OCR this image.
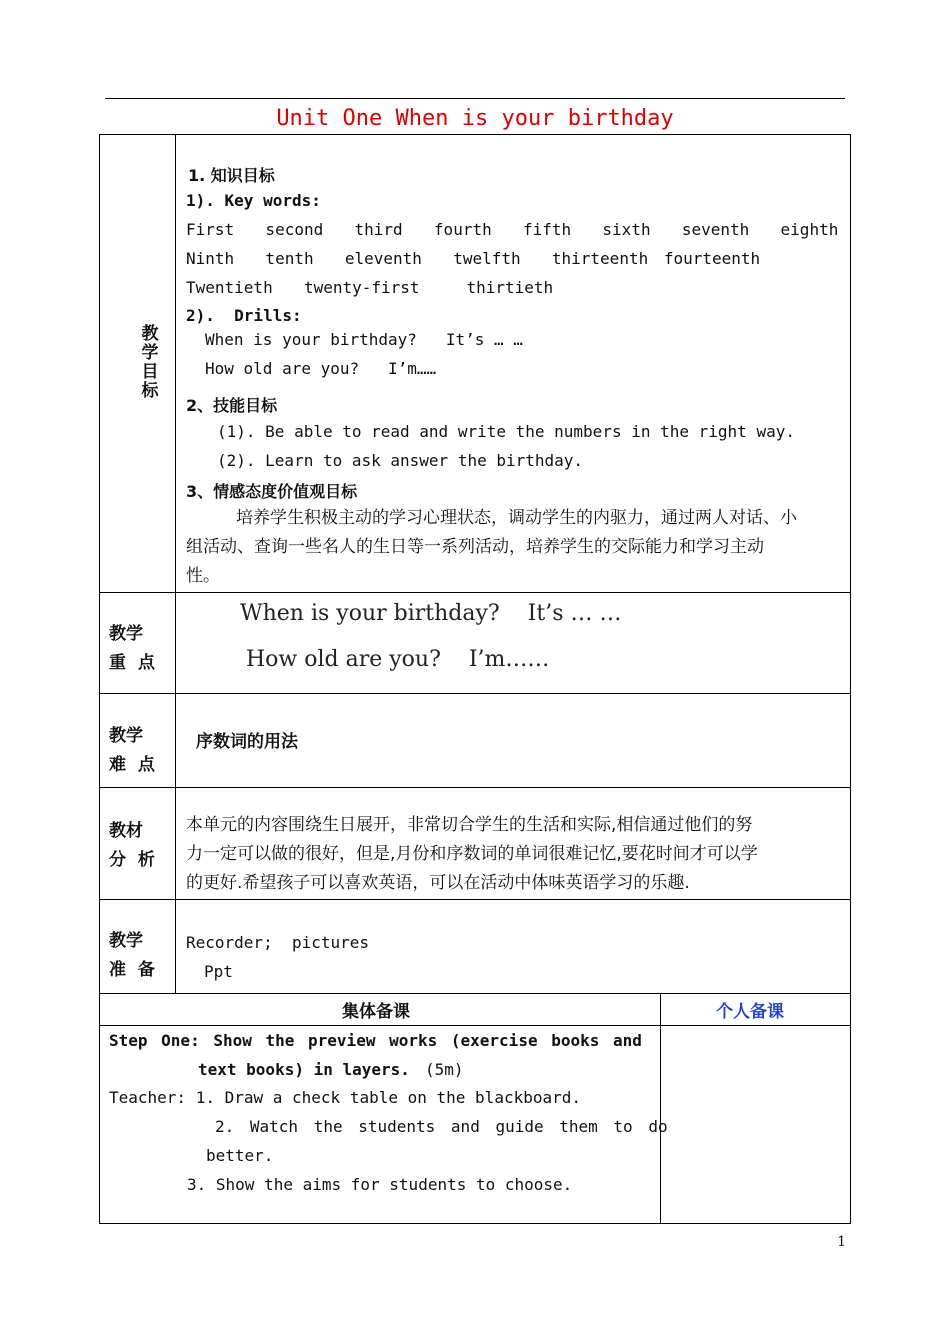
Unit One When is your birthday
教
学
目
标
1. 知识目标
1). Key words:
First  second  third  fourth  fifth  sixth  seventh  eighth
Ninth  tenth  eleventh  twelfth  thirteenth fourteenth
Twentieth  twenty-first   thirtieth
2).  Drills:
When is your birthday?   It’s … …
How old are you?   I’m……
2、技能目标
(1). Be able to read and write the numbers in the right way.
(2). Learn to ask answer the birthday.
3、情感态度价值观目标
培养学生积极主动的学习心理状态，调动学生的内驱力，通过两人对话、小
组活动、查询一些名人的生日等一系列活动，培养学生的交际能力和学习主动
性。
教学
重  点
When is your birthday?    It’s … …
How old are you?    I’m……
教学
难  点
序数词的用法
教材
分  析
本单元的内容围绕生日展开，非常切合学生的生活和实际,相信通过他们的努
力一定可以做的很好，但是,月份和序数词的单词很难记忆,要花时间才可以学
的更好.希望孩子可以喜欢英语，可以在活动中体味英语学习的乐趣.
教学
准  备
Recorder;  pictures
Ppt
集体备课	个人备课
Step One: Show the preview works (exercise books and
text books) in layers. (5m)
Teacher: 1. Draw a check table on the blackboard.
2. Watch the students and guide them to do
better.
3. Show the aims for students to choose.
1
